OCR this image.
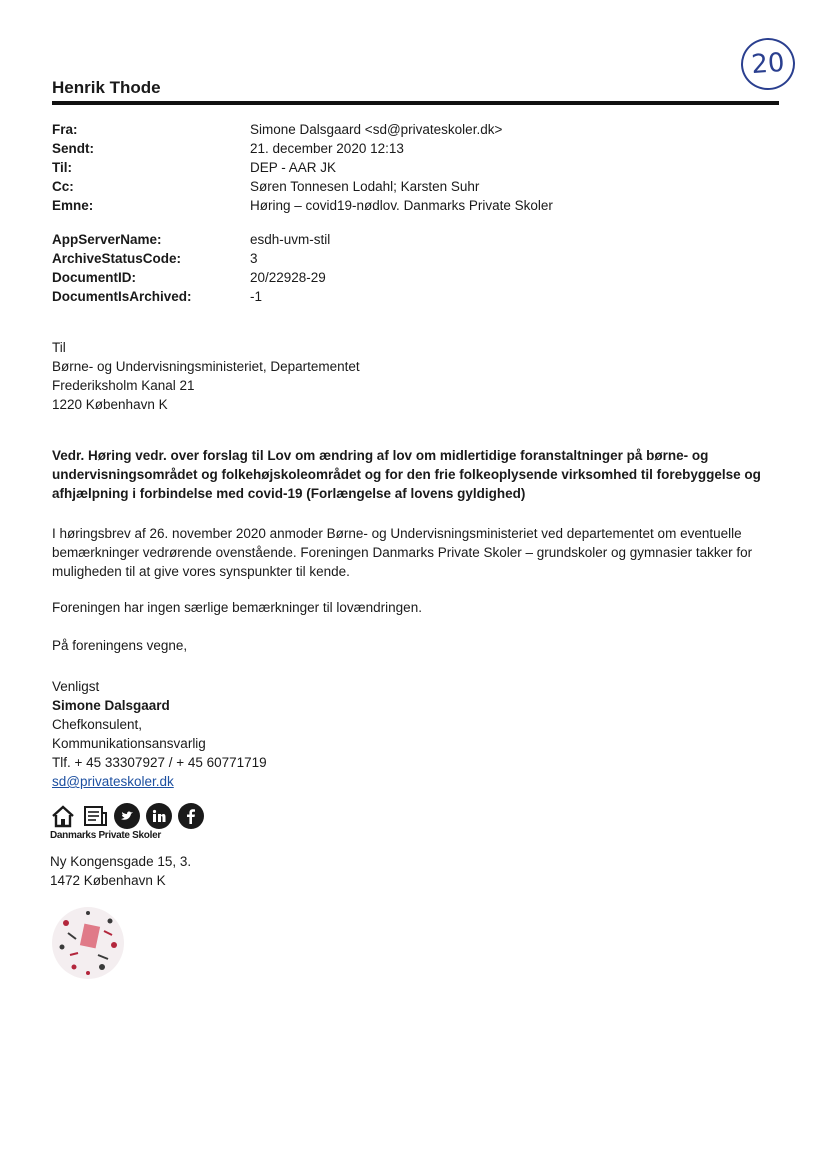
20
Henrik Thode
Fra:	Simone Dalsgaard <sd@privateskoler.dk>
Sendt:	21. december 2020 12:13
Til:	DEP - AAR JK
Cc:	Søren Tonnesen Lodahl; Karsten Suhr
Emne:	Høring – covid19-nødlov. Danmarks Private Skoler
AppServerName:	esdh-uvm-stil
ArchiveStatusCode:	3
DocumentID:	20/22928-29
DocumentIsArchived:	-1
Til
Børne- og Undervisningsministeriet, Departementet
Frederiksholm Kanal 21
1220 København K

Vedr. Høring vedr. over forslag til Lov om ændring af lov om midlertidige foranstaltninger på børne- og undervisningsområdet og folkehøjskoleområdet og for den frie folkeoplysende virksomhed til forebyggelse og afhjælpning i forbindelse med covid-19 (Forlængelse af lovens gyldighed)

I høringsbrev af 26. november 2020 anmoder Børne- og Undervisningsministeriet ved departementet om eventuelle bemærkninger vedrørende ovenstående. Foreningen Danmarks Private Skoler – grundskoler og gymnasier takker for muligheden til at give vores synspunkter til kende.

Foreningen har ingen særlige bemærkninger til lovændringen.

På foreningens vegne,

Venligst
Simone Dalsgaard
Chefkonsulent,
Kommunikationsansvarlig
Tlf. + 45 33307927 / + 45 60771719
sd@privateskoler.dk
Danmarks Private Skoler
Ny Kongensgade 15, 3.
1472 København K
